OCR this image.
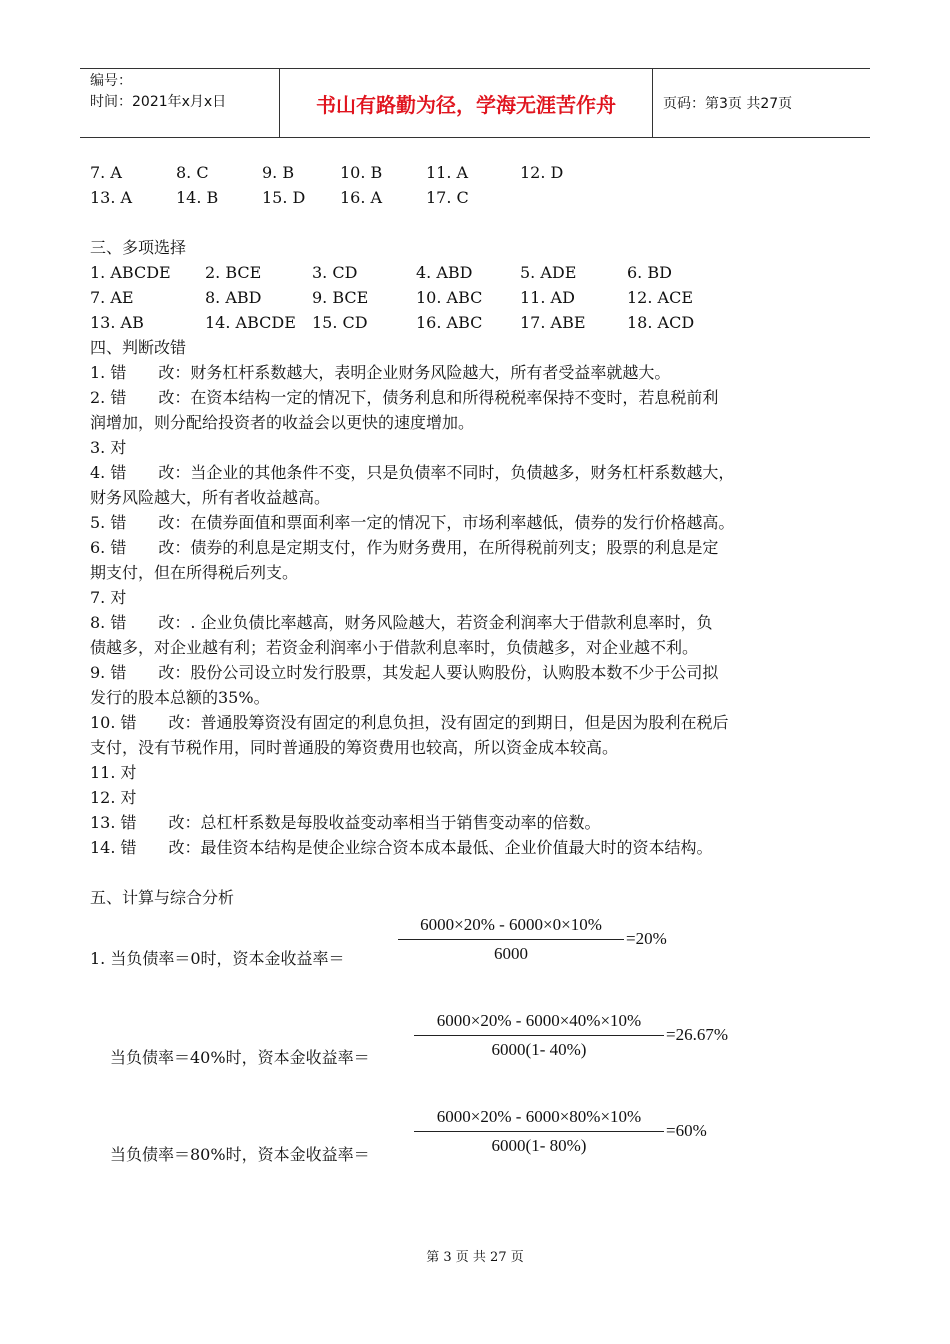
编号：
时间：2021年x月x日	书山有路勤为径，学海无涯苦作舟	页码：第3页 共27页
7. A	8. C	9. B	10. B	11. A	12. D
13. A	14. B	15. D 16. A	17. C
三、多项选择
1. ABCDE 2. BCE	3. CD	4. ABD	5. ADE	6. BD
7. AE	8. ABD	9. BCE	10. ABC 11. AD	12. ACE
13. AB	14. ABCDE 15. CD	16. ABC 17. ABE	18. ACD
四、判断改错
1. 错　　改：财务杠杆系数越大，表明企业财务风险越大，所有者受益率就越大。
2. 错　　改：在资本结构一定的情况下，债务利息和所得税税率保持不变时，若息税前利
润增加，则分配给投资者的收益会以更快的速度增加。
3. 对
4. 错　　改：当企业的其他条件不变，只是负债率不同时，负债越多，财务杠杆系数越大，
财务风险越大，所有者收益越高。
5. 错　　改：在债券面值和票面利率一定的情况下，市场利率越低，债券的发行价格越高。
6. 错　　改：债券的利息是定期支付，作为财务费用，在所得税前列支；股票的利息是定
期支付，但在所得税后列支。
7. 对
8. 错　　改：. 企业负债比率越高，财务风险越大，若资金利润率大于借款利息率时，负
债越多，对企业越有利；若资金利润率小于借款利息率时，负债越多，对企业越不利。
9. 错　　改：股份公司设立时发行股票，其发起人要认购股份，认购股本数不少于公司拟
发行的股本总额的35%。
10. 错　　改：普通股筹资没有固定的利息负担，没有固定的到期日，但是因为股利在税后
支付，没有节税作用，同时普通股的筹资费用也较高，所以资金成本较高。
11. 对
12. 对
13. 错　　改：总杠杆系数是每股收益变动率相当于销售变动率的倍数。
14. 错　　改：最佳资本结构是使企业综合资本成本最低、企业价值最大时的资本结构。
五、计算与综合分析
1. 当负债率＝0时，资本金收益率＝	$\frac{6000\times 20\% - 6000\times 0\times 10\%}{6000} =20\%$
当负债率＝40%时，资本金收益率＝	$\frac{6000\times 20\% - 6000\times 40\%\times 10\%}{6000(1- 40\%)} =26.67\%$
当负债率＝80%时，资本金收益率＝	$\frac{6000\times 20\% - 6000\times 80\%\times 10\%}{6000(1- 80\%)} =60\%$
第 3 页 共 27 页
